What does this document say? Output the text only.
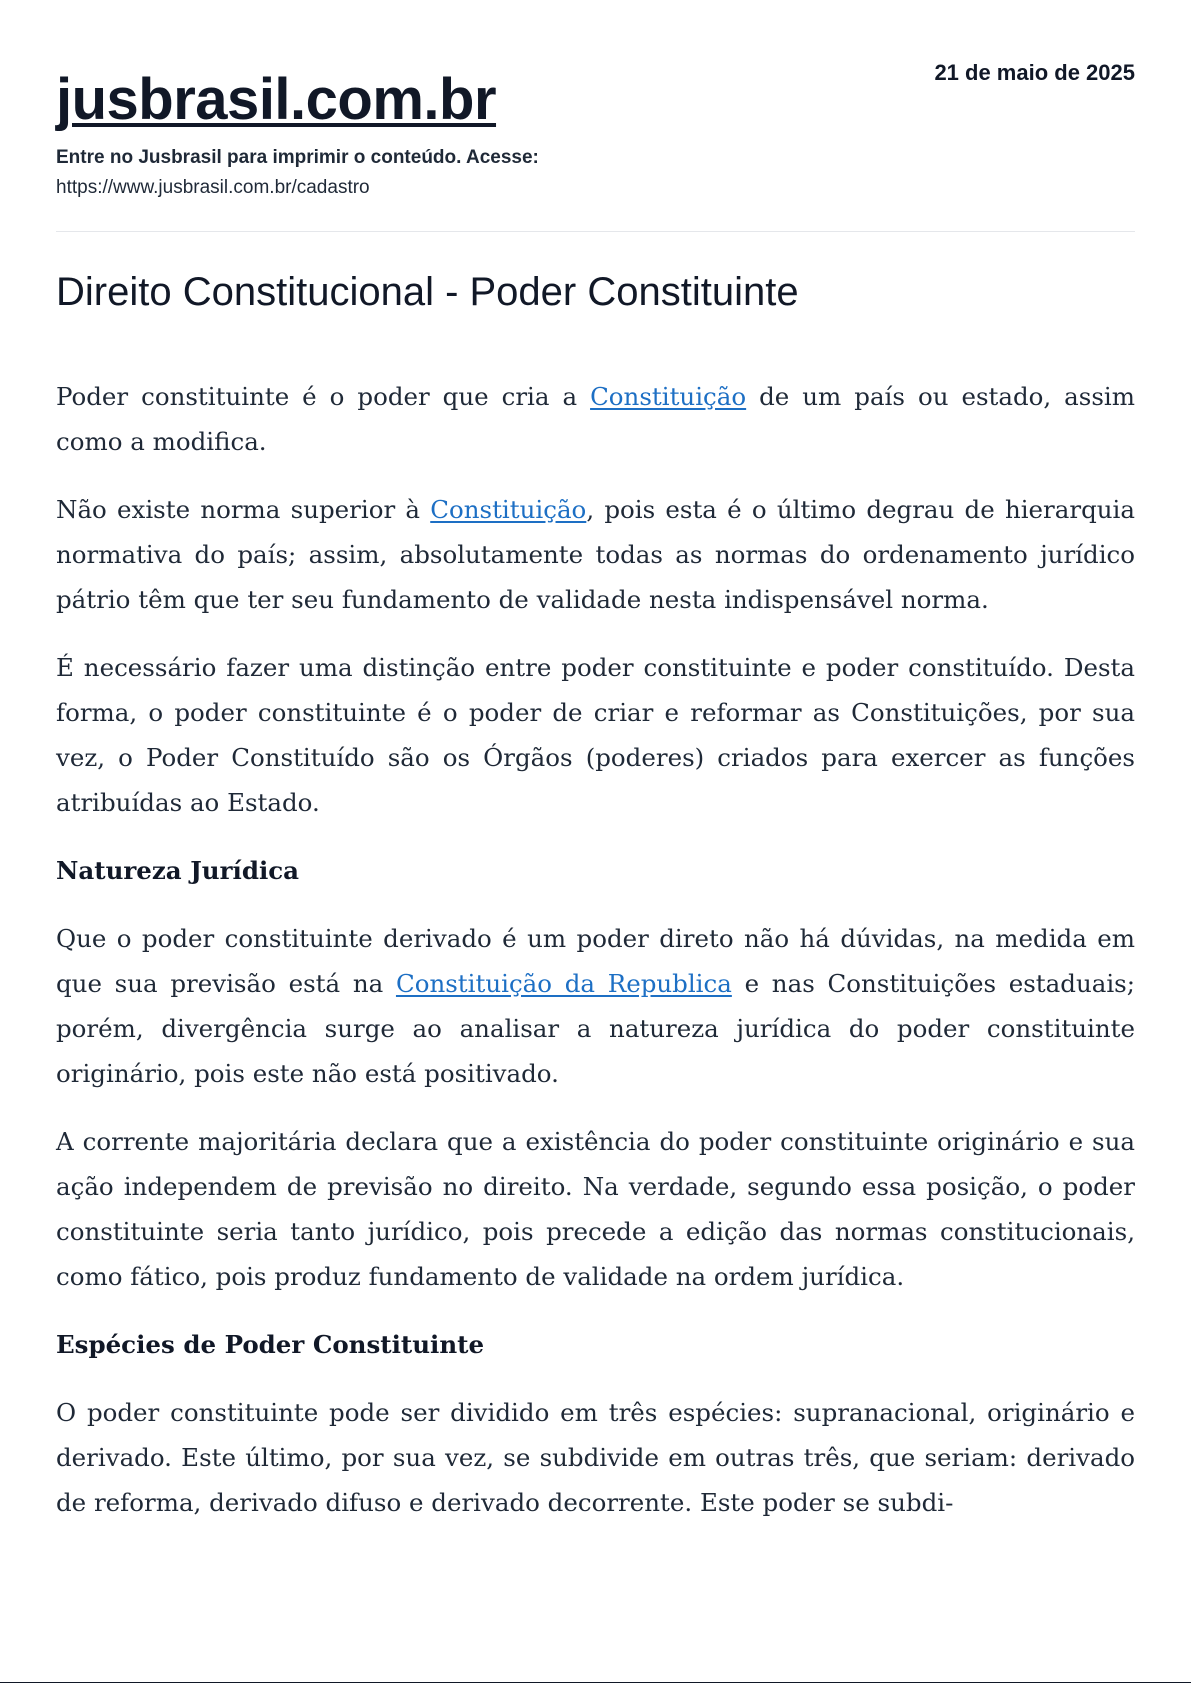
jusbrasil.com.br	21 de maio de 2025
Entre no Jusbrasil para imprimir o conteúdo. Acesse:
https://www.jusbrasil.com.br/cadastro
Direito Constitucional - Poder Constituinte

Poder constituinte é o poder que cria a Constituição de um país ou estado, assim como a modifica.

Não existe norma superior à Constituição, pois esta é o último degrau de hierarquia normativa do país; assim, absolutamente todas as normas do ordenamento jurídico pátrio têm que ter seu fundamento de validade nesta indispensável norma.

É necessário fazer uma distinção entre poder constituinte e poder constituído. Desta forma, o poder constituinte é o poder de criar e reformar as Constituições, por sua vez, o Poder Constituído são os Órgãos (poderes) criados para exercer as funções atribuídas ao Estado.

Natureza Jurídica

Que o poder constituinte derivado é um poder direto não há dúvidas, na medida em que sua previsão está na Constituição da Republica e nas Constituições estaduais; porém, divergência surge ao analisar a natureza jurídica do poder constituinte originário, pois este não está positivado.

A corrente majoritária declara que a existência do poder constituinte originário e sua ação independem de previsão no direito. Na verdade, segundo essa posição, o poder constituinte seria tanto jurídico, pois precede a edição das normas constitucionais, como fático, pois produz fundamento de validade na ordem jurídica.

Espécies de Poder Constituinte

O poder constituinte pode ser dividido em três espécies: supranacional, originário e derivado. Este último, por sua vez, se subdivide em outras três, que seriam: derivado de reforma, derivado difuso e derivado decorrente. Este poder se subdi-
